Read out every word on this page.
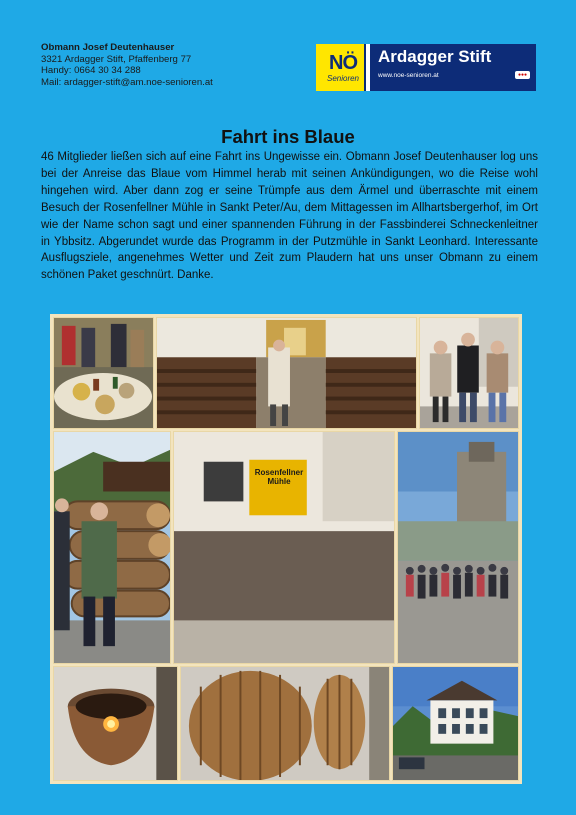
Obmann Josef Deutenhauser
3321 Ardagger Stift, Pfaffenberg 77
Handy: 0664 30 34 288
Mail: ardagger-stift@am.noe-senioren.at
NÖ
Senioren
Ardagger Stift
www.noe-senioren.at	●●●
Fahrt ins Blaue

46 Mitglieder ließen sich auf eine Fahrt ins Ungewisse ein. Obmann Josef Deutenhauser log uns bei der Anreise das Blaue vom Himmel herab mit seinen Ankündigungen, wo die Reise wohl hingehen wird. Aber dann zog er seine Trümpfe aus dem Ärmel und überraschte mit einem Besuch der Rosenfellner Mühle in Sankt Peter/Au, dem Mittagessen im Allhartsbergerhof, im Ort wie der Name schon sagt und einer spannenden Führung in der Fassbinderei Schneckenleitner in Ybbsitz. Abgerundet wurde das Programm in der Putzmühle in Sankt Leonhard. Interessante Ausflugsziele, angenehmes Wetter und Zeit zum Plaudern hat uns unser Obmann zu einem schönen Paket geschnürt. Danke.

Rosenfellner Mühle
